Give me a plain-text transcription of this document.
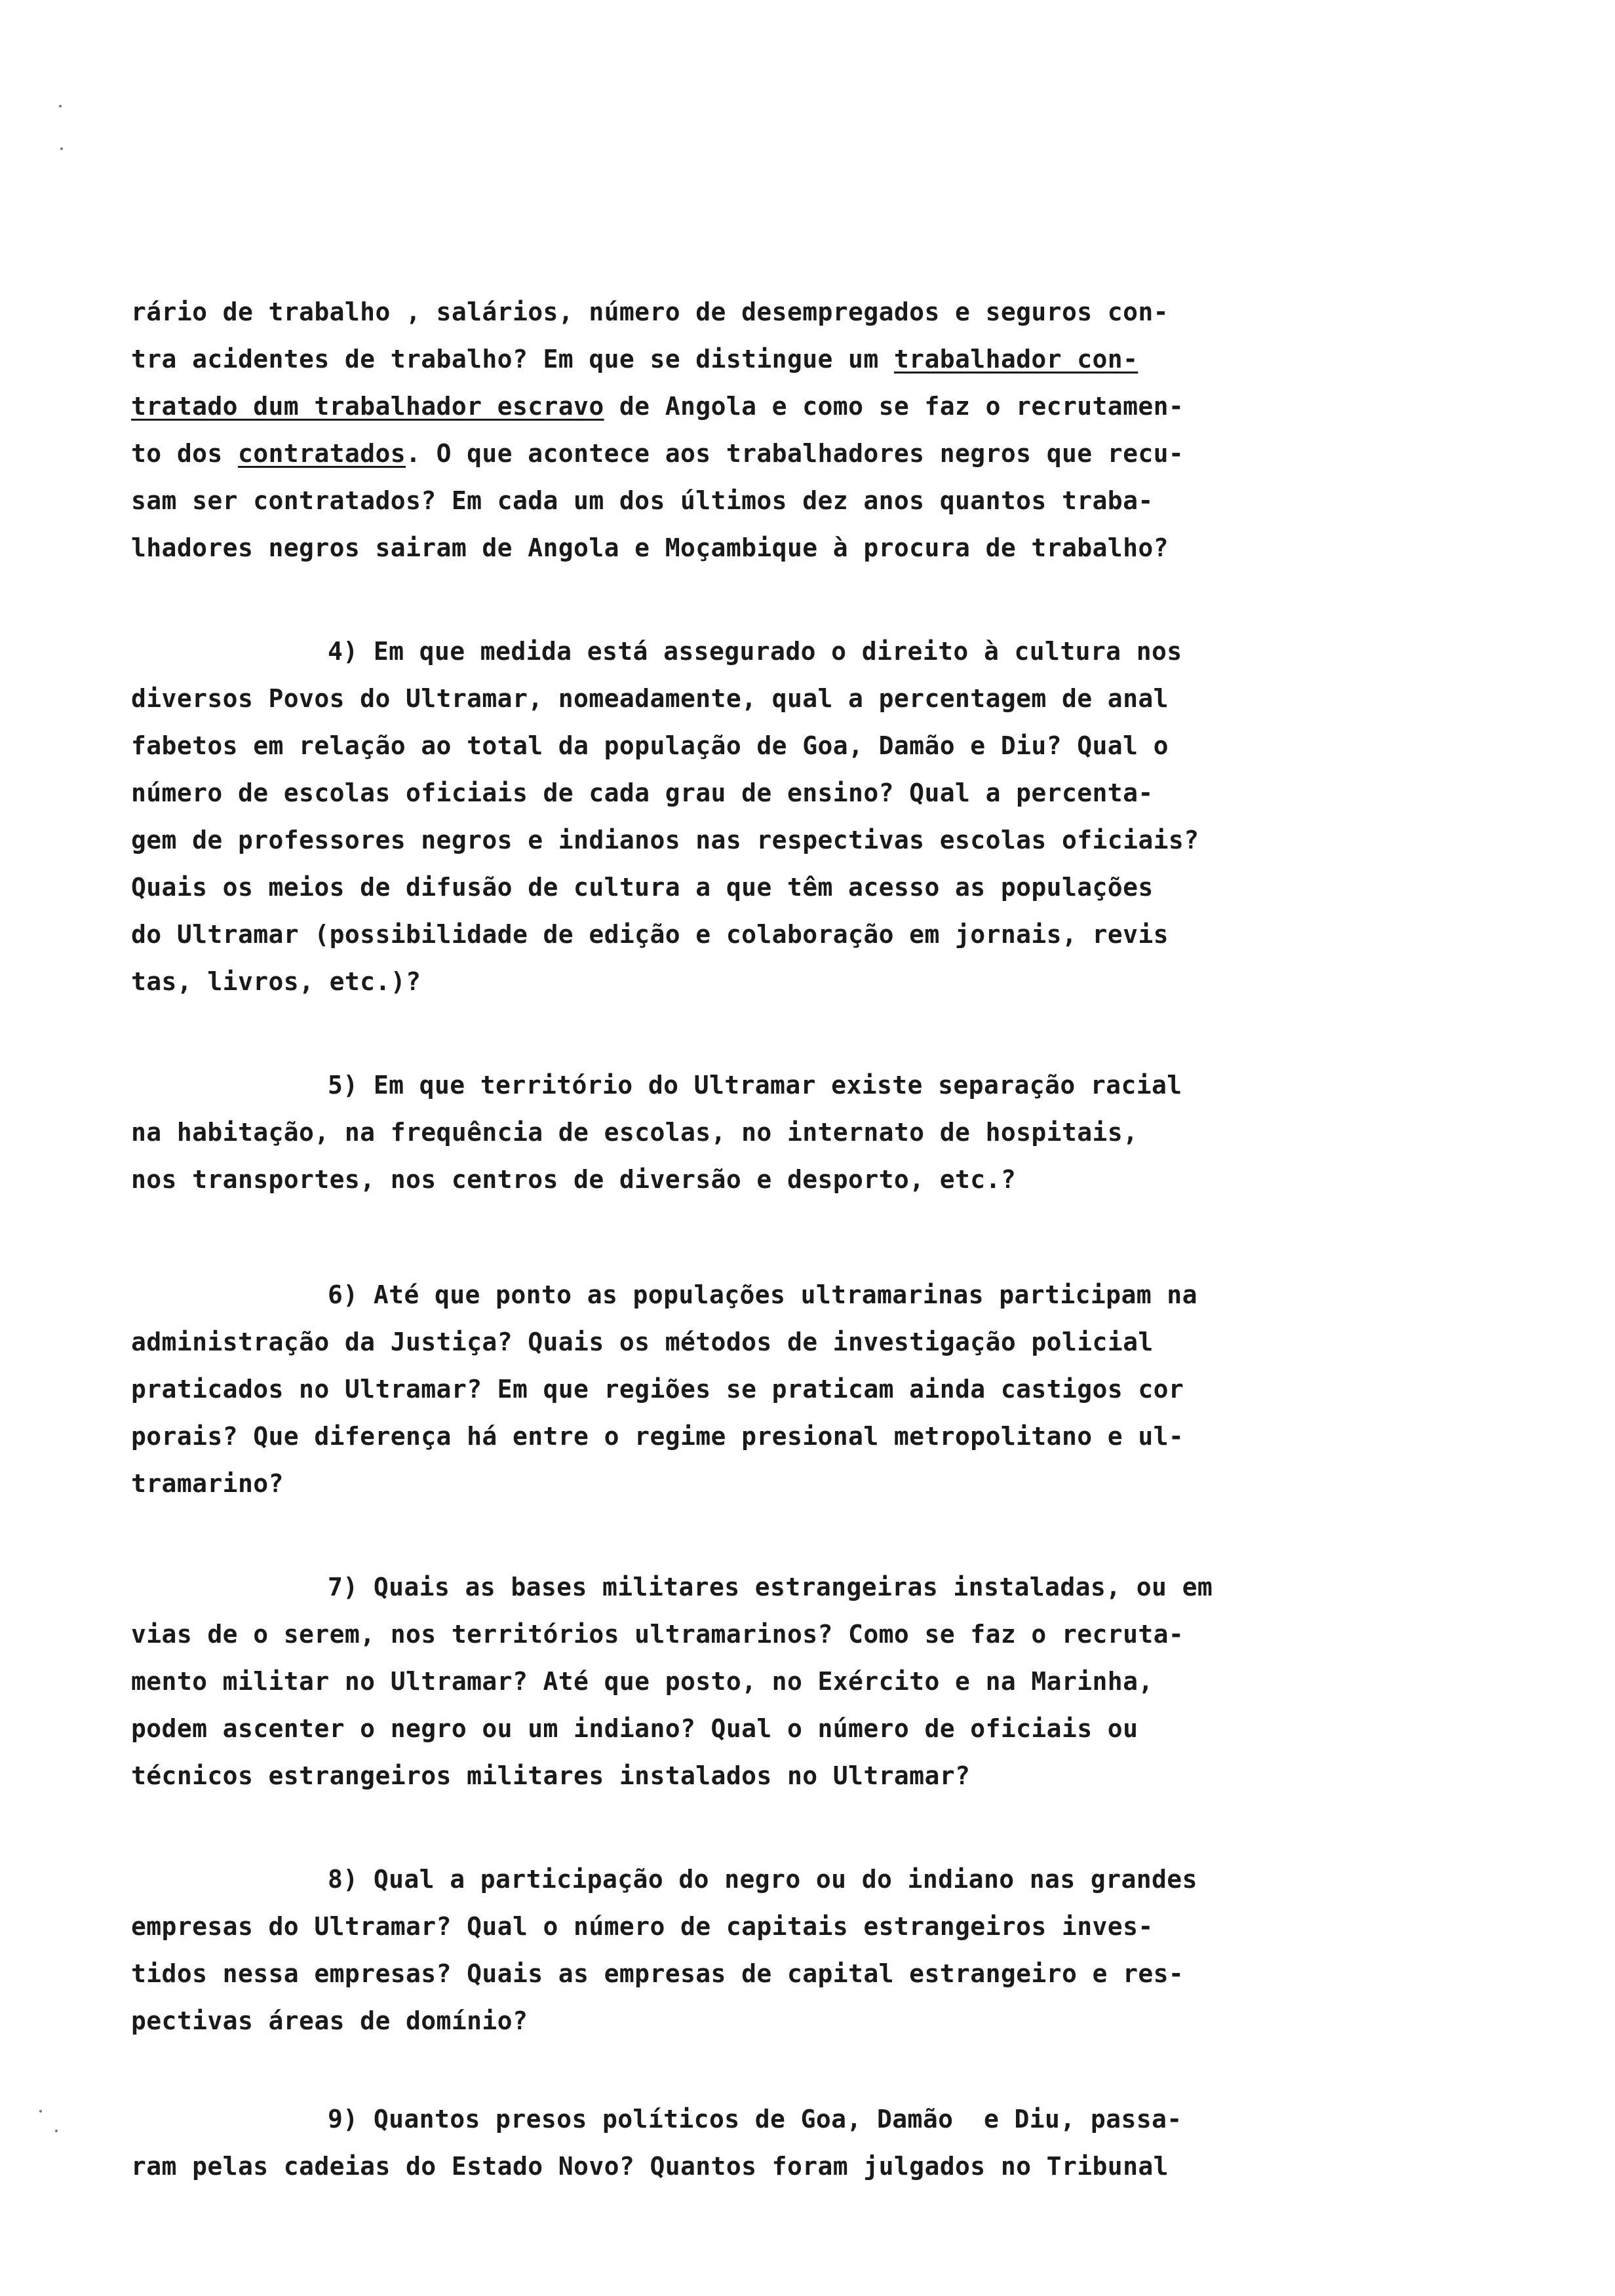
rário de trabalho , salários, número de desempregados e seguros con-
tra acidentes de trabalho? Em que se distingue um trabalhador con-
tratado dum trabalhador escravo de Angola e como se faz o recrutamen-
to dos contratados. O que acontece aos trabalhadores negros que recu-
sam ser contratados? Em cada um dos últimos dez anos quantos traba-
lhadores negros sairam de Angola e Moçambique à procura de trabalho?
4) Em que medida está assegurado o direito à cultura nos
diversos Povos do Ultramar, nomeadamente, qual a percentagem de anal
fabetos em relação ao total da população de Goa, Damão e Diu? Qual o
número de escolas oficiais de cada grau de ensino? Qual a percenta-
gem de professores negros e indianos nas respectivas escolas oficiais?
Quais os meios de difusão de cultura a que têm acesso as populações
do Ultramar (possibilidade de edição e colaboração em jornais, revis
tas, livros, etc.)?
5) Em que território do Ultramar existe separação racial
na habitação, na frequência de escolas, no internato de hospitais,
nos transportes, nos centros de diversão e desporto, etc.?
6) Até que ponto as populações ultramarinas participam na
administração da Justiça? Quais os métodos de investigação policial
praticados no Ultramar? Em que regiões se praticam ainda castigos cor
porais? Que diferença há entre o regime presional metropolitano e ul-
tramarino?
7) Quais as bases militares estrangeiras instaladas, ou em
vias de o serem, nos territórios ultramarinos? Como se faz o recruta-
mento militar no Ultramar? Até que posto, no Exército e na Marinha,
podem ascenter o negro ou um indiano? Qual o número de oficiais ou
técnicos estrangeiros militares instalados no Ultramar?
8) Qual a participação do negro ou do indiano nas grandes
empresas do Ultramar? Qual o número de capitais estrangeiros inves-
tidos nessa empresas? Quais as empresas de capital estrangeiro e res-
pectivas áreas de domínio?
9) Quantos presos políticos de Goa, Damão  e Diu, passa-
ram pelas cadeias do Estado Novo? Quantos foram julgados no Tribunal
